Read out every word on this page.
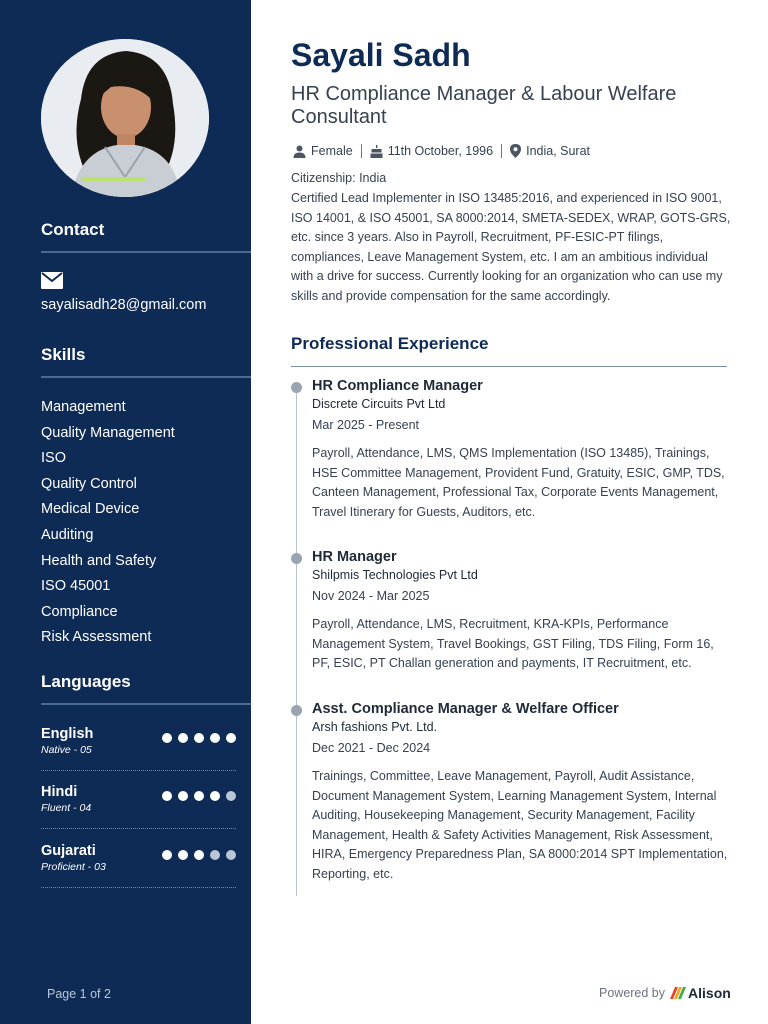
Contact
sayalisadh28@gmail.com
Skills
Management
Quality Management
ISO
Quality Control
Medical Device
Auditing
Health and Safety
ISO 45001
Compliance
Risk Assessment
Languages
English
Native - 05
Hindi
Fluent - 04
Gujarati
Proficient - 03
Page 1 of 2
Sayali Sadh
HR Compliance Manager & Labour Welfare Consultant
Female	11th October, 1996	India, Surat
Citizenship: India

Certified Lead Implementer in ISO 13485:2016, and experienced in ISO 9001, ISO 14001, & ISO 45001, SA 8000:2014, SMETA-SEDEX, WRAP, GOTS-GRS, etc. since 3 years. Also in Payroll, Recruitment, PF-ESIC-PT filings, compliances, Leave Management System, etc. I am an ambitious individual with a drive for success. Currently looking for an organization who can use my skills and provide compensation for the same accordingly.

Professional Experience
HR Compliance Manager
Discrete Circuits Pvt Ltd
Mar 2025 - Present
Payroll, Attendance, LMS, QMS Implementation (ISO 13485), Trainings, HSE Committee Management, Provident Fund, Gratuity, ESIC, GMP, TDS, Canteen Management, Professional Tax, Corporate Events Management, Travel Itinerary for Guests, Auditors, etc.
HR Manager
Shilpmis Technologies Pvt Ltd
Nov 2024 - Mar 2025
Payroll, Attendance, LMS, Recruitment, KRA-KPIs, Performance Management System, Travel Bookings, GST Filing, TDS Filing, Form 16, PF, ESIC, PT Challan generation and payments, IT Recruitment, etc.
Asst. Compliance Manager & Welfare Officer
Arsh fashions Pvt. Ltd.
Dec 2021 - Dec 2024
Trainings, Committee, Leave Management, Payroll, Audit Assistance, Document Management System, Learning Management System, Internal Auditing, Housekeeping Management, Security Management, Facility Management, Health & Safety Activities Management, Risk Assessment, HIRA, Emergency Preparedness Plan, SA 8000:2014 SPT Implementation, Reporting, etc.
Powered by Alison
